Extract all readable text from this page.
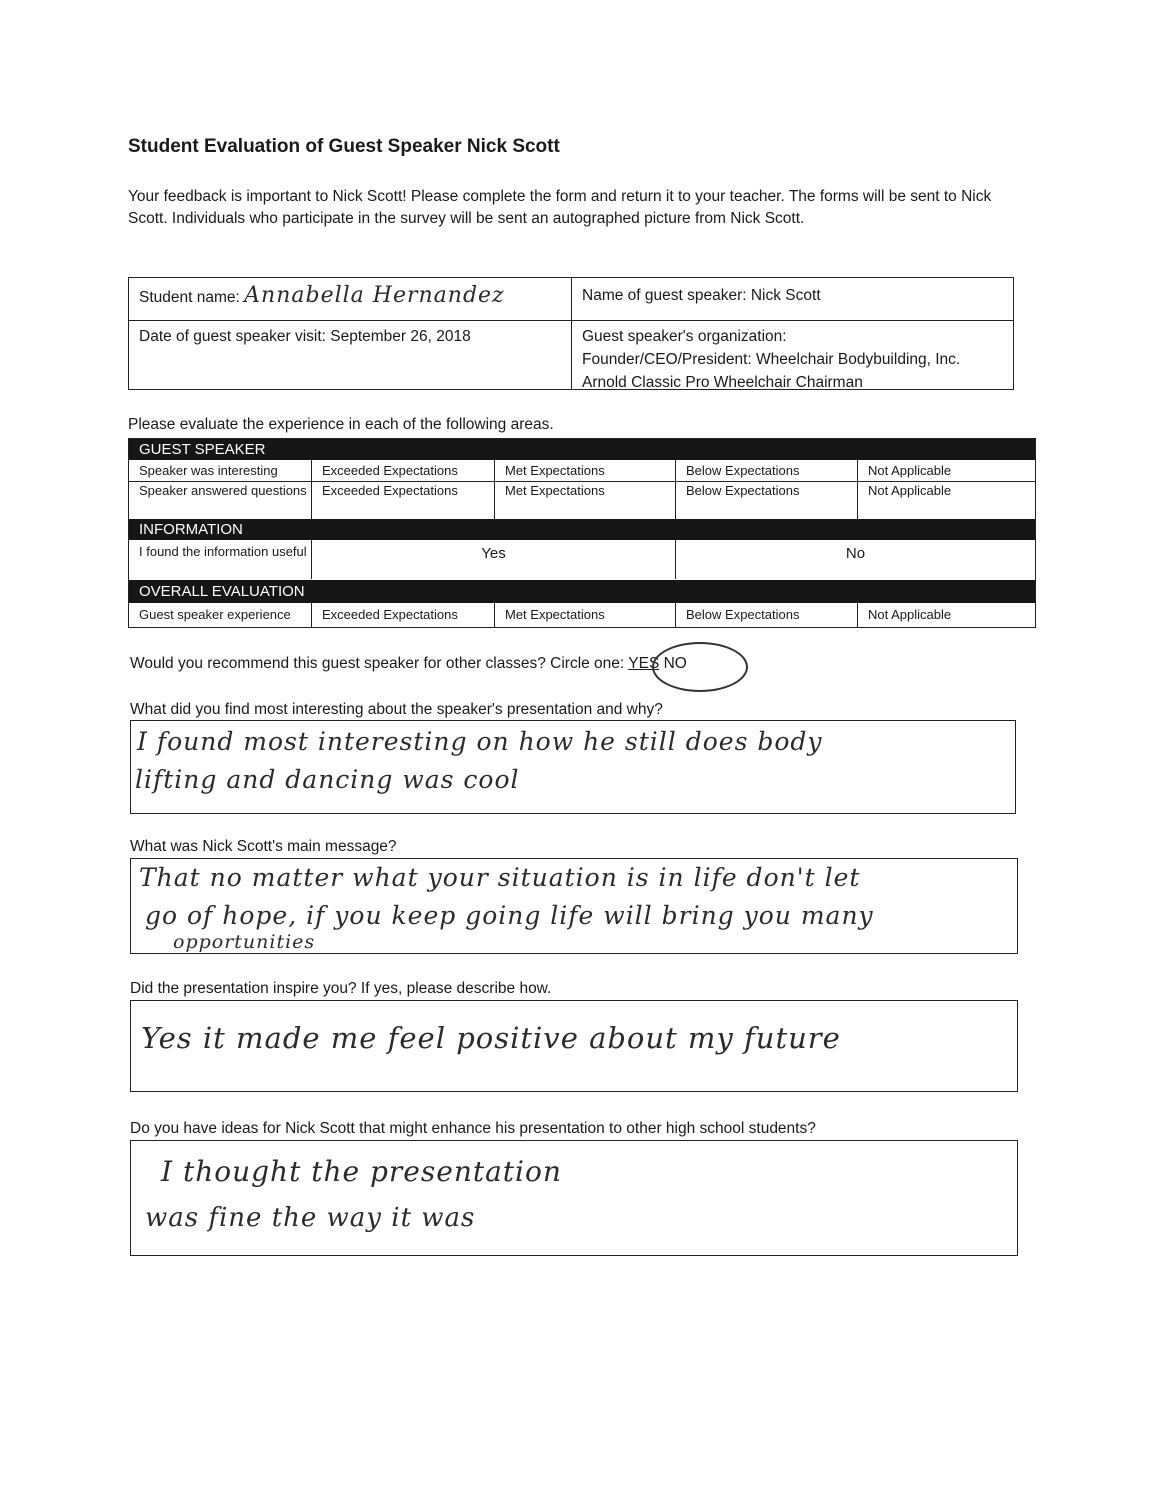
Student Evaluation of Guest Speaker Nick Scott
Your feedback is important to Nick Scott! Please complete the form and return it to your teacher. The forms will be sent to Nick Scott. Individuals who participate in the survey will be sent an autographed picture from Nick Scott.
Student name: Annabella Hernandez	Name of guest speaker: Nick Scott
Date of guest speaker visit: September 26, 2018	Guest speaker's organization:
Founder/CEO/President: Wheelchair Bodybuilding, Inc.
Arnold Classic Pro Wheelchair Chairman
Please evaluate the experience in each of the following areas.
GUEST SPEAKER
Speaker was interesting	Exceeded Expectations	Met Expectations	Below Expectations	Not Applicable
Speaker answered questions	Exceeded Expectations	Met Expectations	Below Expectations	Not Applicable
INFORMATION
I found the information useful	Yes	No
OVERALL EVALUATION
Guest speaker experience	Exceeded Expectations	Met Expectations	Below Expectations	Not Applicable
Would you recommend this guest speaker for other classes? Circle one: YES NO
What did you find most interesting about the speaker's presentation and why?
I found most interesting on how he still does body
lifting and dancing was cool
What was Nick Scott's main message?
That no matter what your situation is in life don't let
go of hope, if you keep going life will bring you many
opportunities
Did the presentation inspire you? If yes, please describe how.
Yes it made me feel positive about my future
Do you have ideas for Nick Scott that might enhance his presentation to other high school students?
I thought the presentation
was fine the way it was
